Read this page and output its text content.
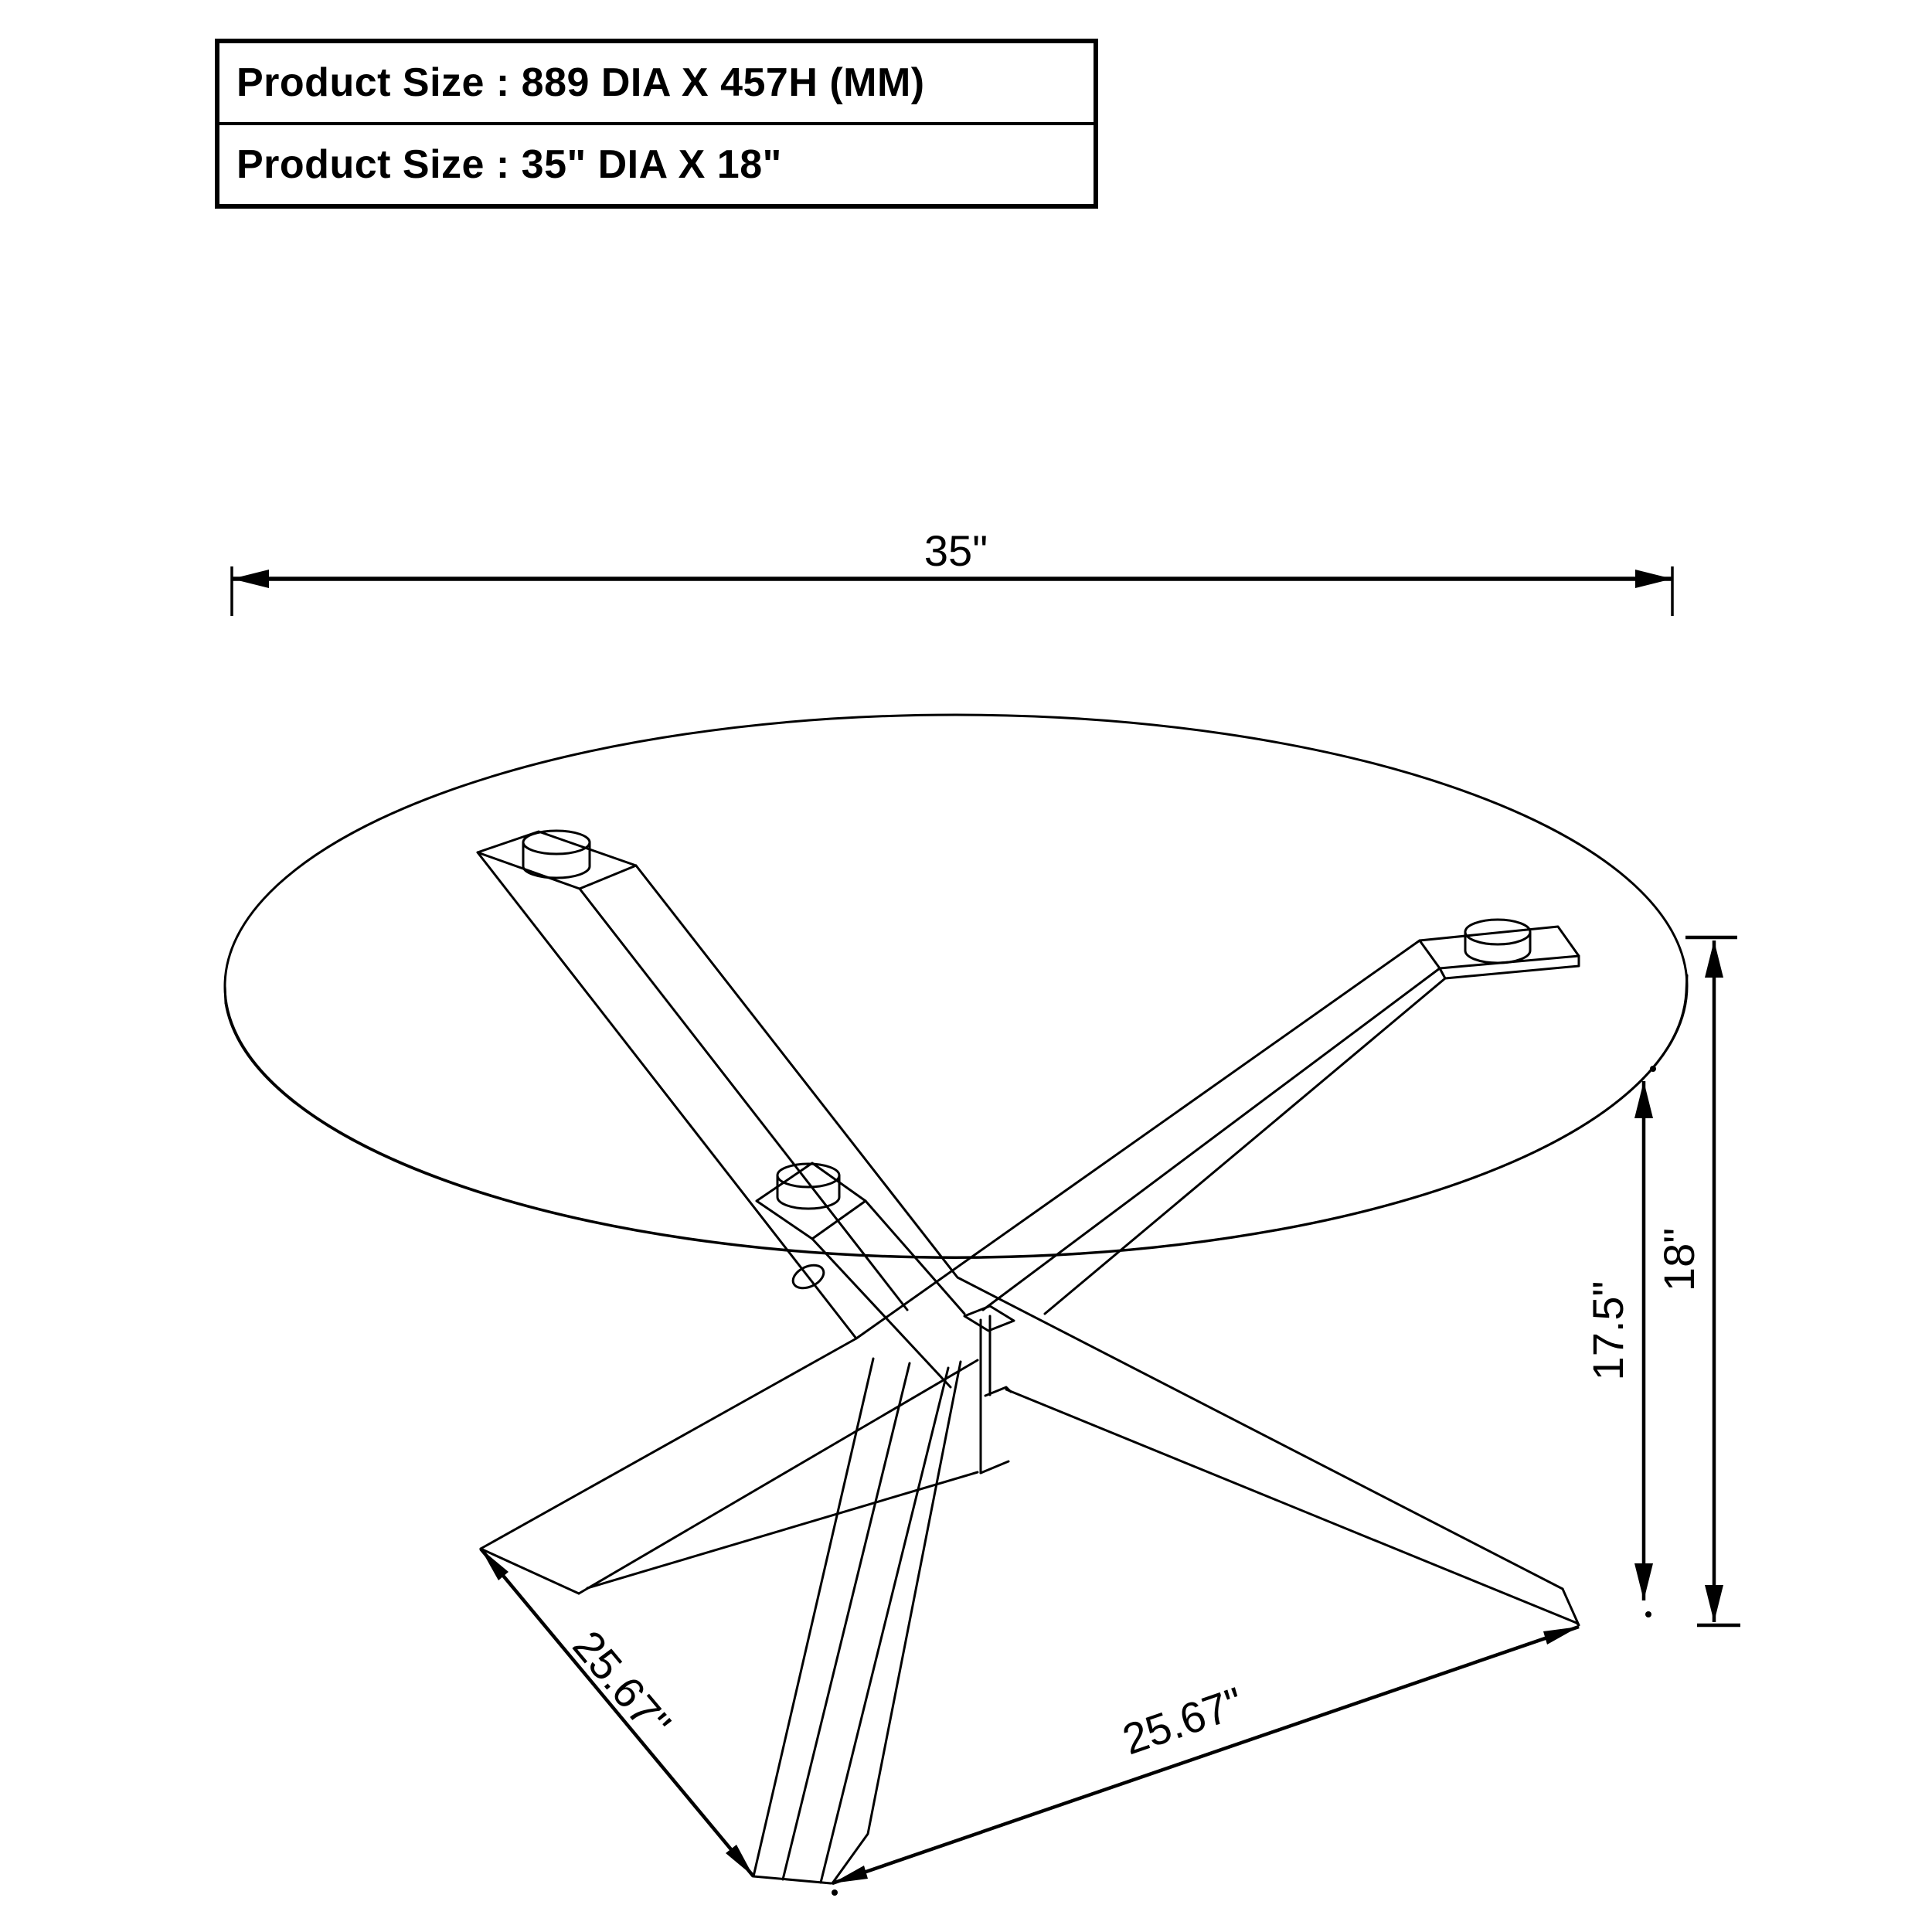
Product Size : 889 DIA X 457H (MM)
Product Size : 35" DIA X 18"
35"
18"
17.5"
25.67"	25.67"
